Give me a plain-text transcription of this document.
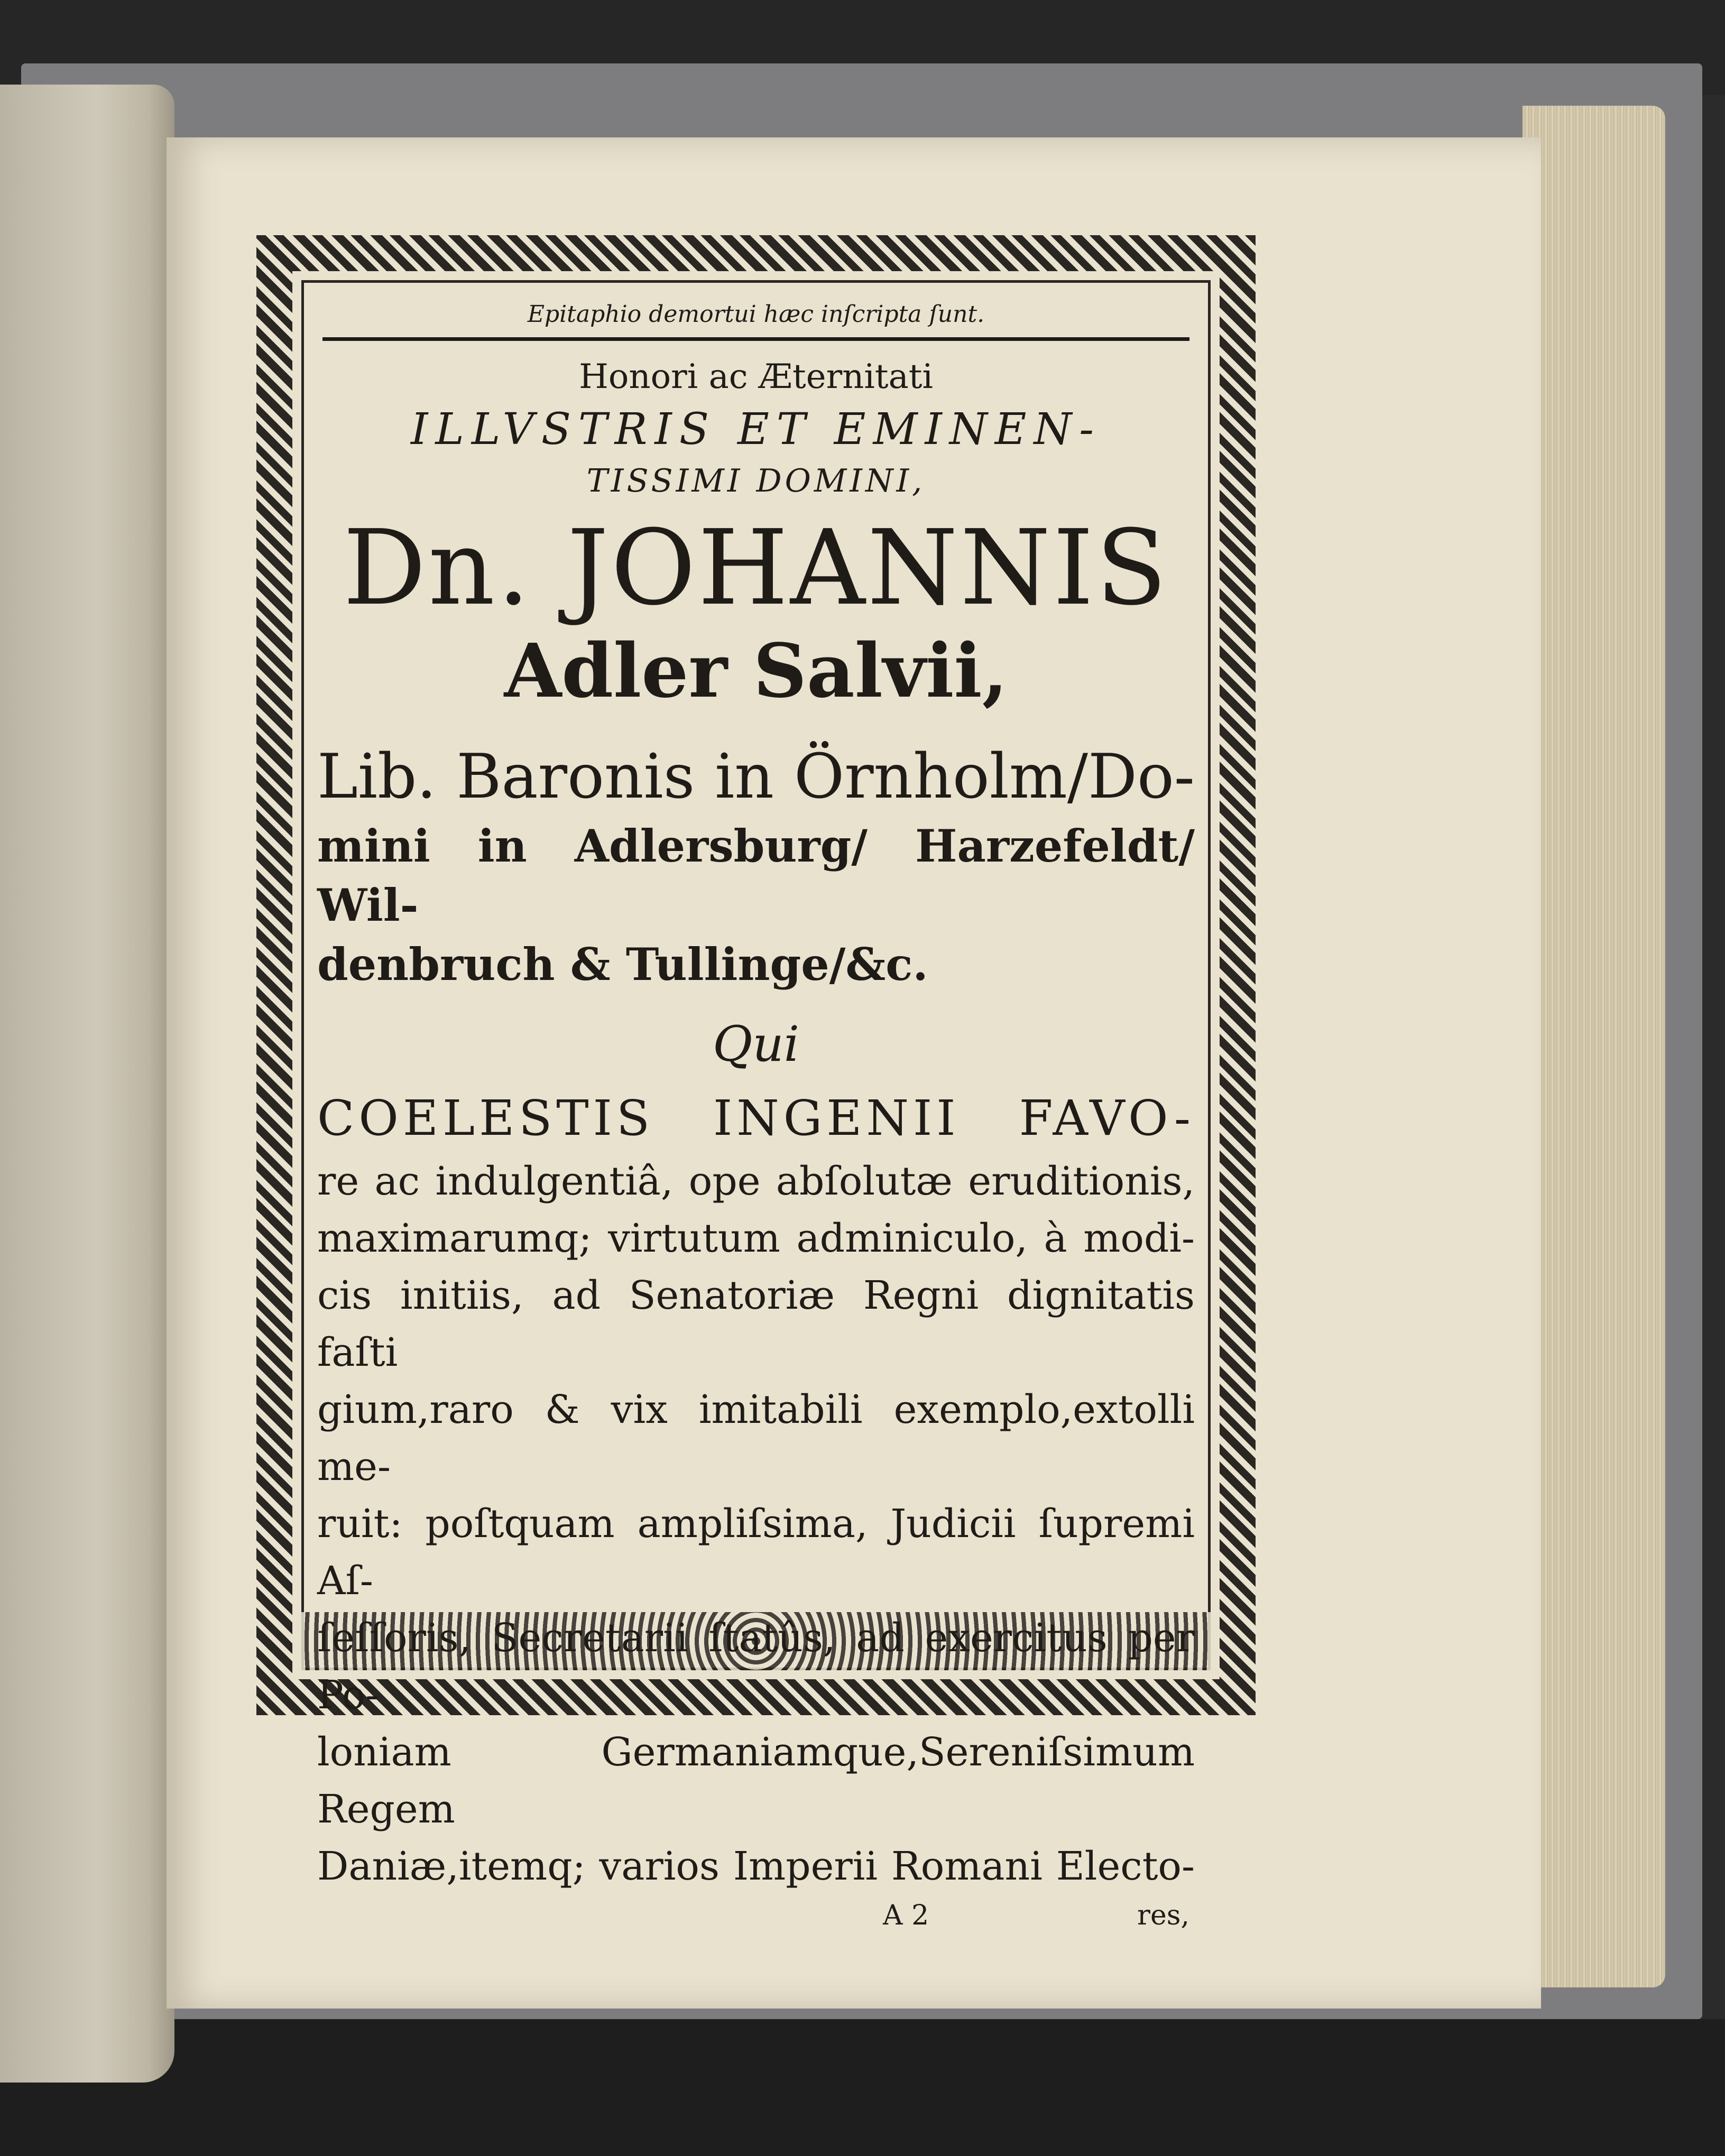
Epitaphio demortui hæc inſcripta ſunt.

Honori ac Æternitati

ILLVSTRIS ET EMINEN-

TISSIMI DOMINI,

Dn. JOHANNIS

Adler Salvii,

Lib. Baronis in Örnholm/Do-

mini in Adlersburg/ Harzefeldt/ Wil-

denbruch & Tullinge/&c.

Qui

COELESTIS INGENII FAVO-

re ac indulgentiâ, ope abſolutæ eruditionis,

maximarumq; virtutum adminiculo, à modi-

cis initiis, ad Senatoriæ Regni dignitatis faſti

gium,raro & vix imitabili exemplo,extolli me-

ruit: poſtquam ampliſsima, Judicii ſupremi Aſ-

ſeſſoris, Secretarii ſtatûs, ad exercitus per Po-

loniam Germaniamque,Sereniſsimum Regem

Daniæ,itemq; varios Imperii Romani Electo-

A 2	res,
